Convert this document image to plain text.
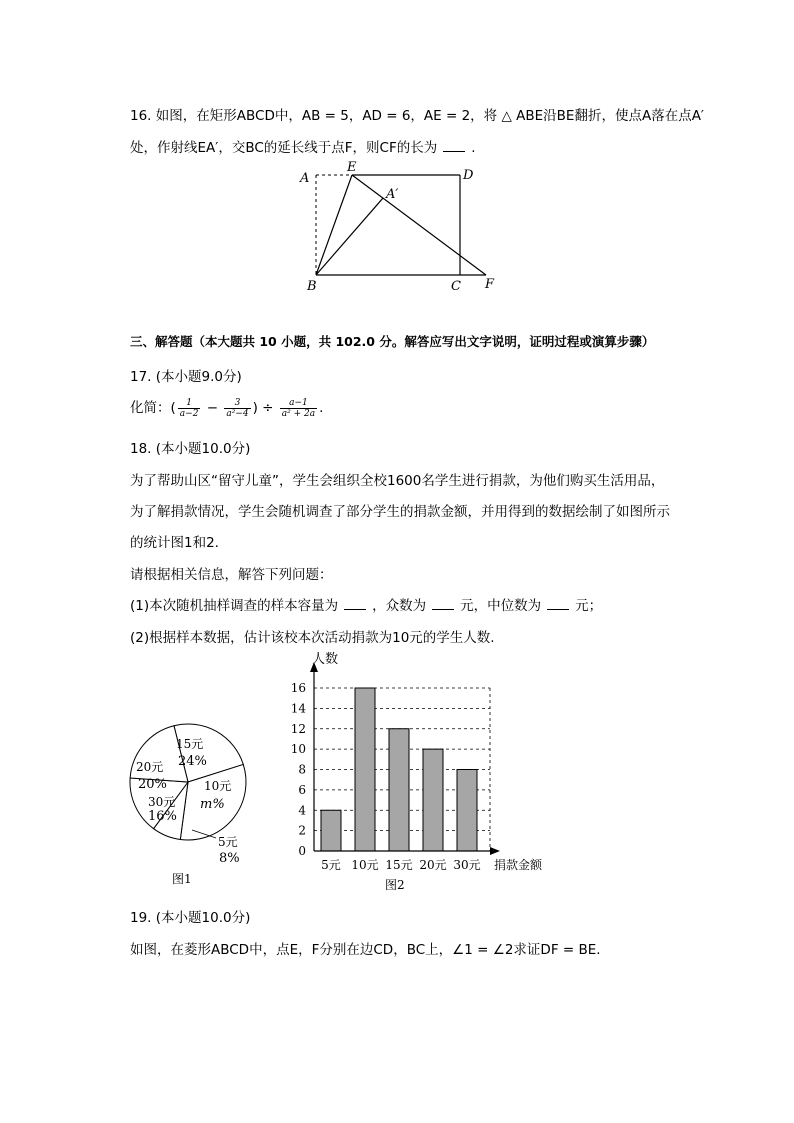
16. 如图，在矩形ABCD中，AB = 5，AD = 6，AE = 2，将 △ ABE沿BE翻折，使点A落在点A′
处，作射线EA′，交BC的延长线于点F，则CF的长为	.
A
E
D
A′
B	C F
三、解答题（本大题共 10 小题，共 102.0 分。解答应写出文字说明，证明过程或演算步骤）
17. (本小题9.0分)
化简：( $\frac{1}{a-2} - \frac{3}{\text{a²−4}}$ ) ÷ $\frac{a-1}{\text{a² + 2a}}$ .
18. (本小题10.0分)
为了帮助山区“留守儿童”，学生会组织全校1600名学生进行捐款，为他们购买生活用品，
为了解捐款情况，学生会随机调查了部分学生的捐款金额，并用得到的数据绘制了如图所示
的统计图1和2.
请根据相关信息，解答下列问题：
(1)本次随机抽样调查的样本容量为	，众数为	元，中位数为	元；
(2)根据样本数据，估计该校本次活动捐款为10元的学生人数.
15元
24%
10元
m%
20元
20%
30元
16%
5元
8%
图1
0
2
4
6
8
10
12
14
16
5元 10元 15元 20元 30元
人数
捐款金额
图2
19. (本小题10.0分)
如图，在菱形ABCD中，点E，F分别在边CD，BC上，∠1 = ∠2求证DF = BE.
